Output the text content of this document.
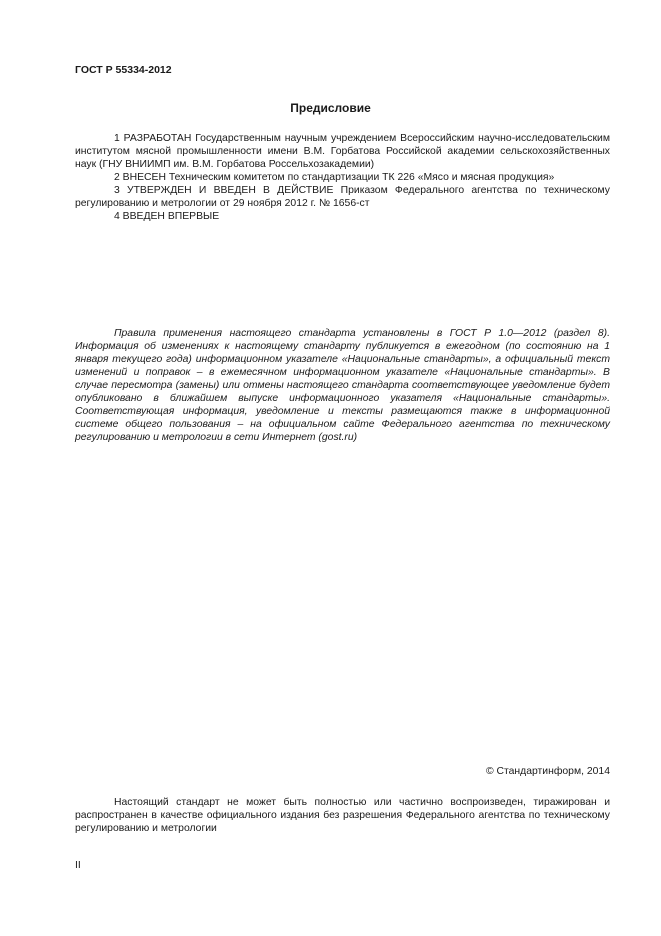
ГОСТ Р 55334-2012
Предисловие

1 РАЗРАБОТАН Государственным научным учреждением Всероссийским научно-исследовательским институтом мясной промышленности имени В.М. Горбатова Российской академии сельскохозяйственных наук (ГНУ ВНИИМП им. В.М. Горбатова Россельхозакадемии)

2 ВНЕСЕН Техническим комитетом по стандартизации ТК 226 «Мясо и мясная продукция»

3 УТВЕРЖДЕН И ВВЕДЕН В ДЕЙСТВИЕ Приказом Федерального агентства по техническому регулированию и метрологии от 29 ноября 2012 г. № 1656-ст

4 ВВЕДЕН ВПЕРВЫЕ

Правила применения настоящего стандарта установлены в ГОСТ Р 1.0—2012 (раздел 8). Информация об изменениях к настоящему стандарту публикуется в ежегодном (по состоянию на 1 января текущего года) информационном указателе «Национальные стандарты», а официальный текст изменений и поправок – в ежемесячном информационном указателе «Национальные стандарты». В случае пересмотра (замены) или отмены настоящего стандарта соответствующее уведомление будет опубликовано в ближайшем выпуске информационного указателя «Национальные стандарты». Соответствующая информация, уведомление и тексты размещаются также в информационной системе общего пользования – на официальном сайте Федерального агентства по техническому регулированию и метрологии в сети Интернет (gost.ru)

© Стандартинформ, 2014

Настоящий стандарт не может быть полностью или частично воспроизведен, тиражирован и распространен в качестве официального издания без разрешения Федерального агентства по техническому регулированию и метрологии

II
